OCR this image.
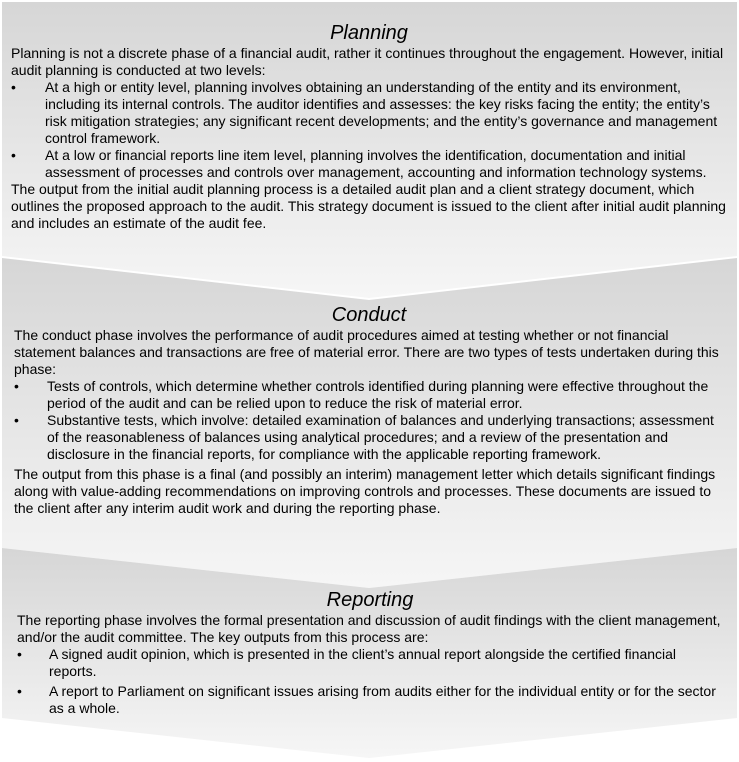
Planning

Planning is not a discrete phase of a financial audit, rather it continues throughout the engagement. However, initial audit planning is conducted at two levels:

• At a high or entity level, planning involves obtaining an understanding of the entity and its environment, including its internal controls. The auditor identifies and assesses: the key risks facing the entity; the entity’s risk mitigation strategies; any significant recent developments; and the entity’s governance and management control framework.
• At a low or financial reports line item level, planning involves the identification, documentation and initial assessment of processes and controls over management, accounting and information technology systems.

The output from the initial audit planning process is a detailed audit plan and a client strategy document, which outlines the proposed approach to the audit. This strategy document is issued to the client after initial audit planning and includes an estimate of the audit fee.

Conduct

The conduct phase involves the performance of audit procedures aimed at testing whether or not financial statement balances and transactions are free of material error. There are two types of tests undertaken during this phase:

• Tests of controls, which determine whether controls identified during planning were effective throughout the period of the audit and can be relied upon to reduce the risk of material error.
• Substantive tests, which involve: detailed examination of balances and underlying transactions; assessment of the reasonableness of balances using analytical procedures; and a review of the presentation and disclosure in the financial reports, for compliance with the applicable reporting framework.

The output from this phase is a final (and possibly an interim) management letter which details significant findings along with value-adding recommendations on improving controls and processes. These documents are issued to the client after any interim audit work and during the reporting phase.

Reporting

The reporting phase involves the formal presentation and discussion of audit findings with the client management, and/or the audit committee. The key outputs from this process are:

• A signed audit opinion, which is presented in the client’s annual report alongside the certified financial reports.
• A report to Parliament on significant issues arising from audits either for the individual entity or for the sector as a whole.
